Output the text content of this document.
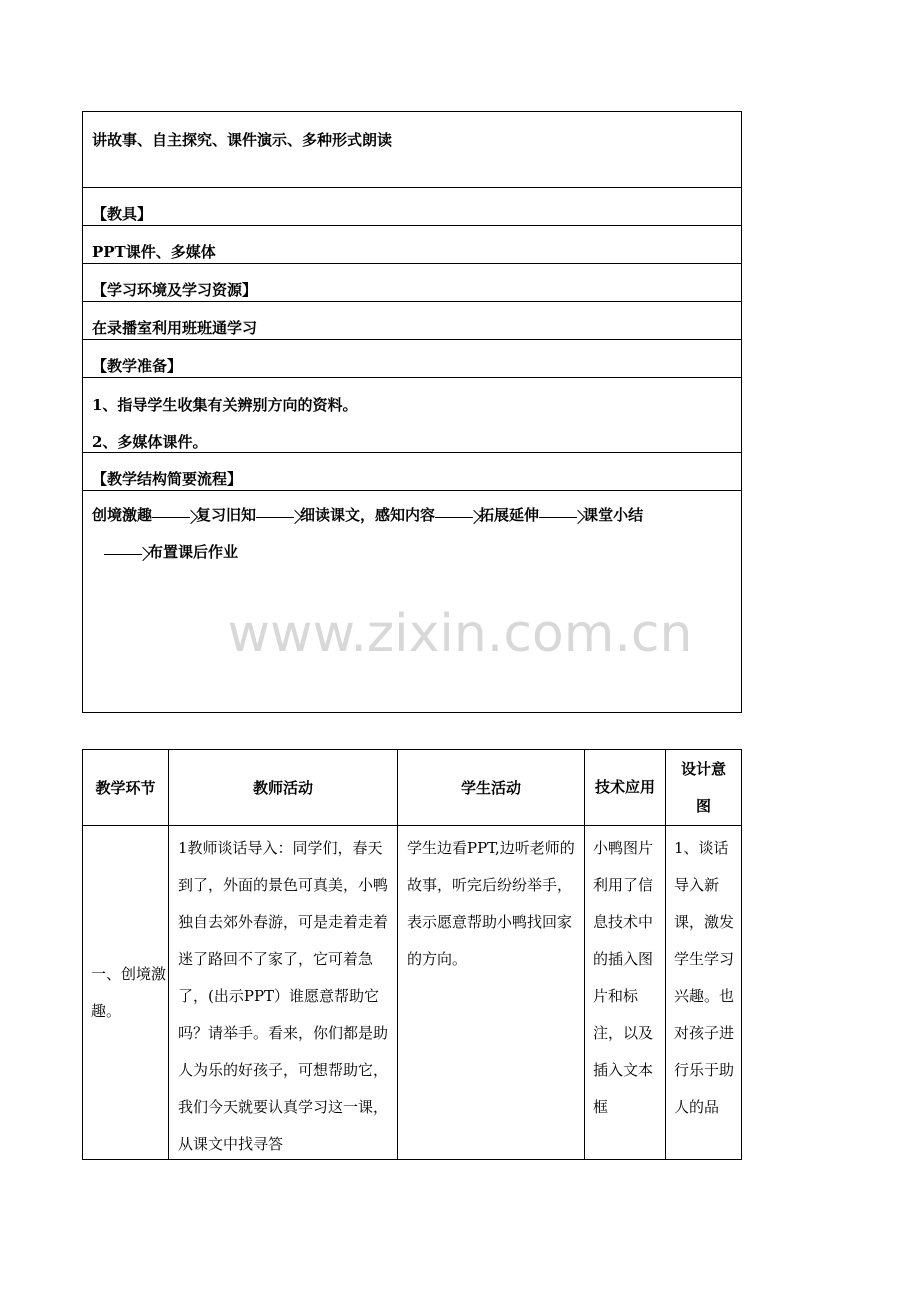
讲故事、自主探究、课件演示、多种形式朗读
【教具】
PPT课件、多媒体
【学习环境及学习资源】
在录播室利用班班通学习
【教学准备】
1、指导学生收集有关辨别方向的资料。
2、多媒体课件。
【教学结构简要流程】
创境激趣	复习旧知	细读课文，感知内容	拓展延伸	课堂小结
布置课后作业
www.zixin.com.cn
教学环节	教师活动	学生活动	技术应用	设计意图

一、创境激趣。	1教师谈话导入：同学们，春天到了，外面的景色可真美，小鸭独自去郊外春游，可是走着走着迷了路回不了家了，它可着急了，(出示PPT）谁愿意帮助它吗？请举手。看来，你们都是助人为乐的好孩子，可想帮助它，我们今天就要认真学习这一课，从课文中找寻答	学生边看PPT,边听老师的故事，听完后纷纷举手，表示愿意帮助小鸭找回家的方向。	小鸭图片利用了信息技术中的插入图片和标注，以及插入文本框	1、谈话导入新课，激发学生学习兴趣。也对孩子进行乐于助人的品
